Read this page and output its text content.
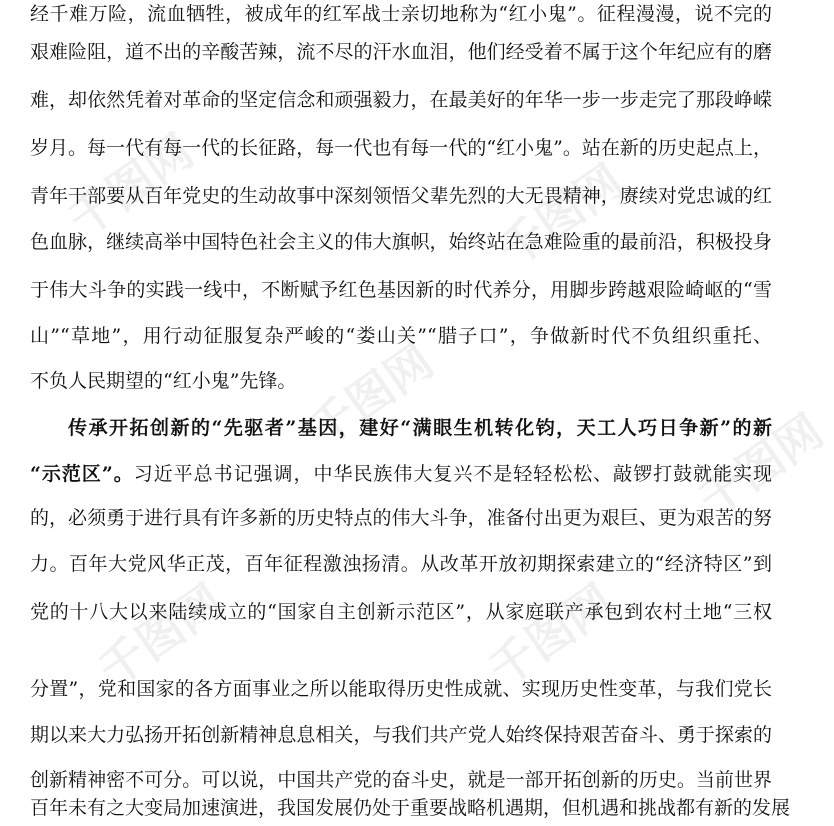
千图网	千图网
千图网
千图网	千图网
千图网
经千难万险，流血牺牲，被成年的红军战士亲切地称为“红小鬼”。征程漫漫，说不完的
艰难险阻，道不出的辛酸苦辣，流不尽的汗水血泪，他们经受着不属于这个年纪应有的磨
难，却依然凭着对革命的坚定信念和顽强毅力，在最美好的年华一步一步走完了那段峥嵘
岁月。每一代有每一代的长征路，每一代也有每一代的“红小鬼”。站在新的历史起点上，
青年干部要从百年党史的生动故事中深刻领悟父辈先烈的大无畏精神，赓续对党忠诚的红
色血脉，继续高举中国特色社会主义的伟大旗帜，始终站在急难险重的最前沿，积极投身
于伟大斗争的实践一线中，不断赋予红色基因新的时代养分，用脚步跨越艰险崎岖的“雪
山”“草地”，用行动征服复杂严峻的“娄山关”“腊子口”，争做新时代不负组织重托、
不负人民期望的“红小鬼”先锋。
传承开拓创新的“先驱者”基因，建好“满眼生机转化钧，天工人巧日争新”的新
“示范区”。习近平总书记强调，中华民族伟大复兴不是轻轻松松、敲锣打鼓就能实现
的，必须勇于进行具有许多新的历史特点的伟大斗争，准备付出更为艰巨、更为艰苦的努
力。百年大党风华正茂，百年征程激浊扬清。从改革开放初期探索建立的“经济特区”到
党的十八大以来陆续成立的“国家自主创新示范区”，从家庭联产承包到农村土地“三权
分置”，党和国家的各方面事业之所以能取得历史性成就、实现历史性变革，与我们党长
期以来大力弘扬开拓创新精神息息相关，与我们共产党人始终保持艰苦奋斗、勇于探索的
创新精神密不可分。可以说，中国共产党的奋斗史，就是一部开拓创新的历史。当前世界
百年未有之大变局加速演进，我国发展仍处于重要战略机遇期，但机遇和挑战都有新的发展
